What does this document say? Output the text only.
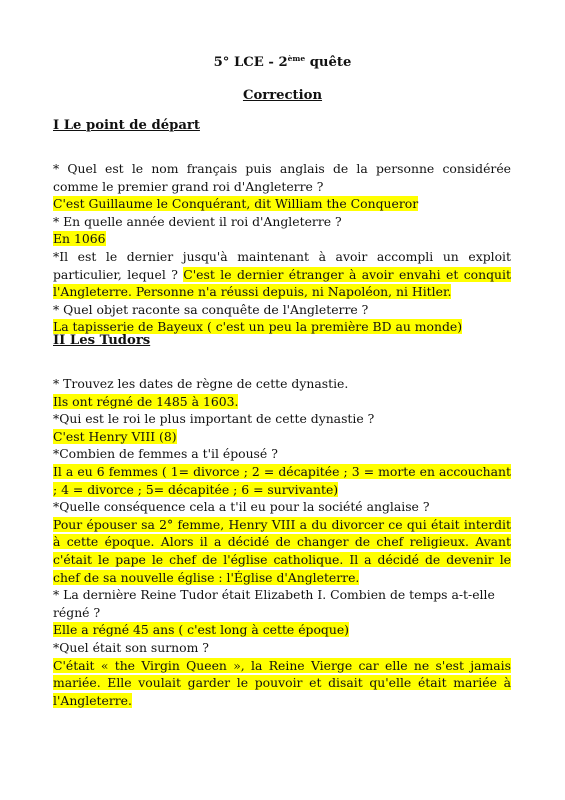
5° LCE - 2ème quête
Correction
I Le point de départ

* Quel est le nom français puis anglais de la personne considérée comme le premier grand roi d'Angleterre ?

C'est Guillaume le Conquérant, dit William the Conqueror

* En quelle année devient il roi d'Angleterre ?

En 1066

*Il est le dernier jusqu'à maintenant à avoir accompli un exploit particulier, lequel ? C'est le dernier étranger à avoir envahi et conquit l'Angleterre. Personne n'a réussi depuis, ni Napoléon, ni Hitler.

* Quel objet raconte sa conquête de l'Angleterre ?

La tapisserie de Bayeux ( c'est un peu la première BD au monde)

II Les Tudors

* Trouvez les dates de règne de cette dynastie.

Ils ont régné de 1485 à 1603.

*Qui est le roi le plus important de cette dynastie ?

C'est Henry VIII (8)

*Combien de femmes a t'il épousé ?

Il a eu 6 femmes ( 1= divorce ; 2 = décapitée ; 3 = morte en accouchant ; 4 = divorce ; 5= décapitée ; 6 = survivante)

*Quelle conséquence cela a t'il eu pour la société anglaise ?

Pour épouser sa 2° femme, Henry VIII a du divorcer ce qui était interdit à cette époque. Alors il a décidé de changer de chef religieux. Avant c'était le pape le chef de l'église catholique. Il a décidé de devenir le chef de sa nouvelle église : l'Église d'Angleterre.

* La dernière Reine Tudor était Elizabeth I. Combien de temps a-t-elle régné ?

Elle a régné 45 ans ( c'est long à cette époque)

*Quel était son surnom ?

C'était « the Virgin Queen », la Reine Vierge car elle ne s'est jamais mariée. Elle voulait garder le pouvoir et disait qu'elle était mariée à l'Angleterre.
